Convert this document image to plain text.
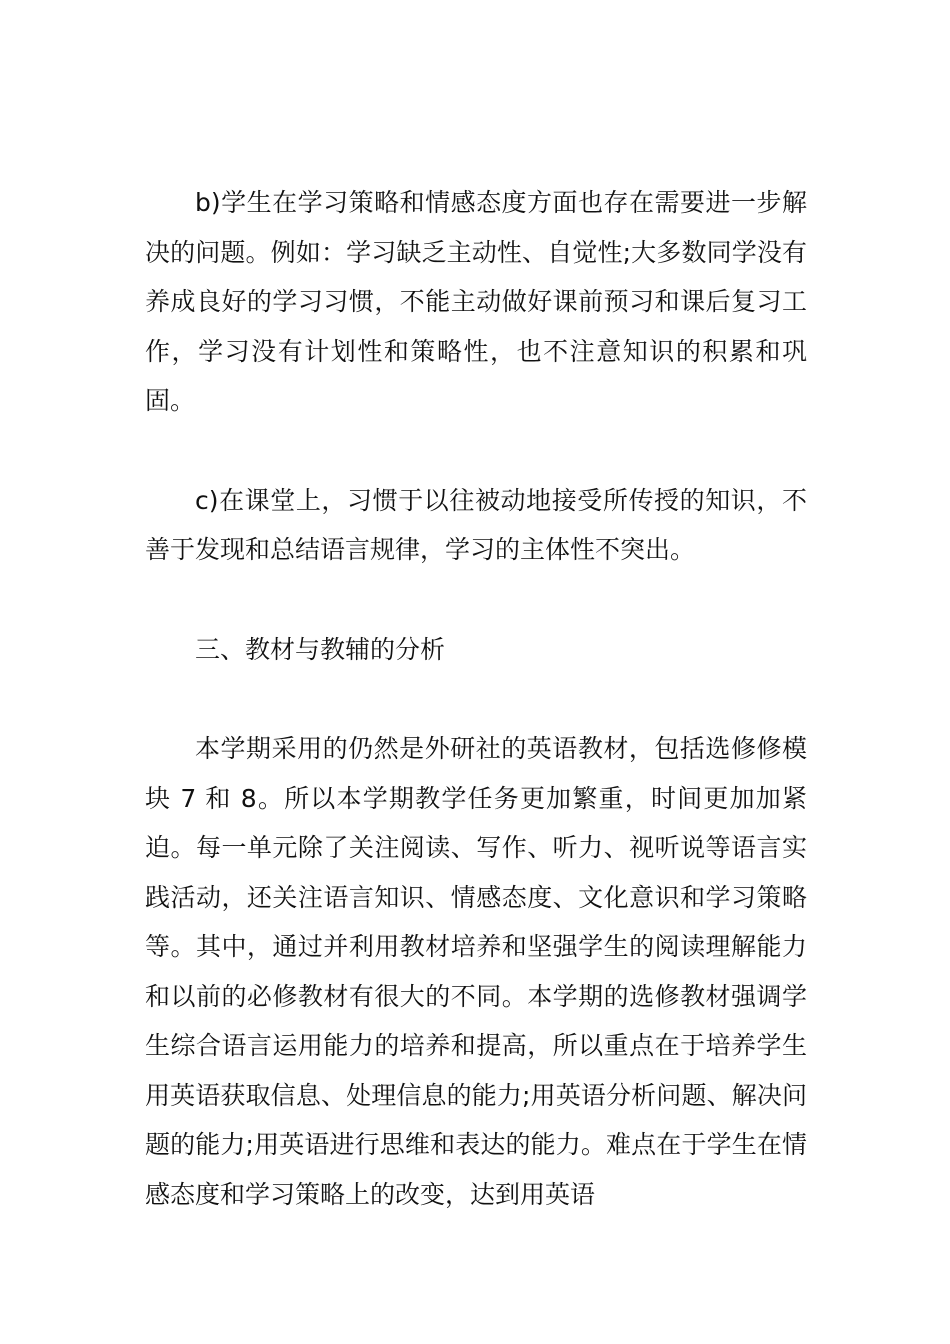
b)学生在学习策略和情感态度方面也存在需要进一步解决的问题。例如：学习缺乏主动性、自觉性;大多数同学没有养成良好的学习习惯，不能主动做好课前预习和课后复习工作，学习没有计划性和策略性，也不注意知识的积累和巩固。

c)在课堂上，习惯于以往被动地接受所传授的知识，不善于发现和总结语言规律，学习的主体性不突出。

三、教材与教辅的分析

本学期采用的仍然是外研社的英语教材，包括选修修模块 7 和 8。所以本学期教学任务更加繁重，时间更加加紧迫。每一单元除了关注阅读、写作、听力、视听说等语言实践活动，还关注语言知识、情感态度、文化意识和学习策略等。其中，通过并利用教材培养和坚强学生的阅读理解能力和以前的必修教材有很大的不同。本学期的选修教材强调学生综合语言运用能力的培养和提高，所以重点在于培养学生用英语获取信息、处理信息的能力;用英语分析问题、解决问题的能力;用英语进行思维和表达的能力。难点在于学生在情感态度和学习策略上的改变，达到用英语
